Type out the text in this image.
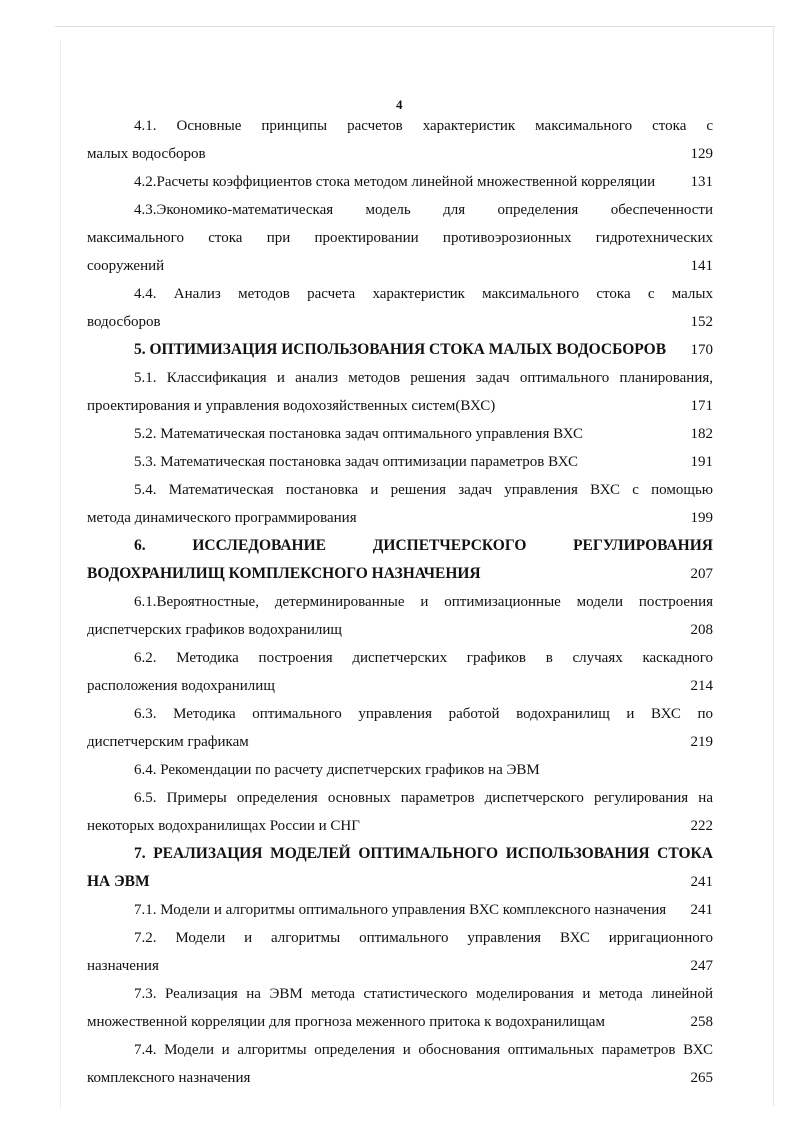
4
4.1. Основные принципы расчетов характеристик максимального стока с
малых водосборов	129
4.2.Расчеты коэффициентов стока методом линейной множественной корреляции	131
4.3.Экономико-математическая модель для определения обеспеченности
максимального стока при проектировании противоэрозионных гидротехнических
сооружений	141
4.4. Анализ методов расчета характеристик максимального стока с малых
водосборов	152
5. ОПТИМИЗАЦИЯ ИСПОЛЬЗОВАНИЯ СТОКА МАЛЫХ ВОДОСБОРОВ	170
5.1. Классификация и анализ методов решения задач оптимального планирования,
проектирования и управления водохозяйственных систем(ВХС)	171
5.2. Математическая постановка задач оптимального управления ВХС	182
5.3. Математическая постановка задач оптимизации параметров ВХС	191
5.4. Математическая постановка и решения задач управления ВХС с помощью
метода динамического программирования	199
6. ИССЛЕДОВАНИЕ ДИСПЕТЧЕРСКОГО РЕГУЛИРОВАНИЯ
ВОДОХРАНИЛИЩ КОМПЛЕКСНОГО НАЗНАЧЕНИЯ	207
6.1.Вероятностные, детерминированные и оптимизационные модели построения
диспетчерских графиков водохранилищ	208
6.2. Методика построения диспетчерских графиков в случаях каскадного
расположения водохранилищ	214
6.3. Методика оптимального управления работой водохранилищ и ВХС по
диспетчерским графикам	219
6.4. Рекомендации по расчету диспетчерских графиков на ЭВМ
6.5. Примеры определения основных параметров диспетчерского регулирования на
некоторых водохранилищах России и СНГ	222
7. РЕАЛИЗАЦИЯ МОДЕЛЕЙ ОПТИМАЛЬНОГО ИСПОЛЬЗОВАНИЯ СТОКА
НА ЭВМ	241
7.1. Модели и алгоритмы оптимального управления ВХС комплексного назначения	241
7.2. Модели и алгоритмы оптимального управления ВХС ирригационного
назначения	247
7.3. Реализация на ЭВМ метода статистического моделирования и метода линейной
множественной корреляции для прогноза меженного притока к водохранилищам	258
7.4. Модели и алгоритмы определения и обоснования оптимальных параметров ВХС
комплексного назначения	265
